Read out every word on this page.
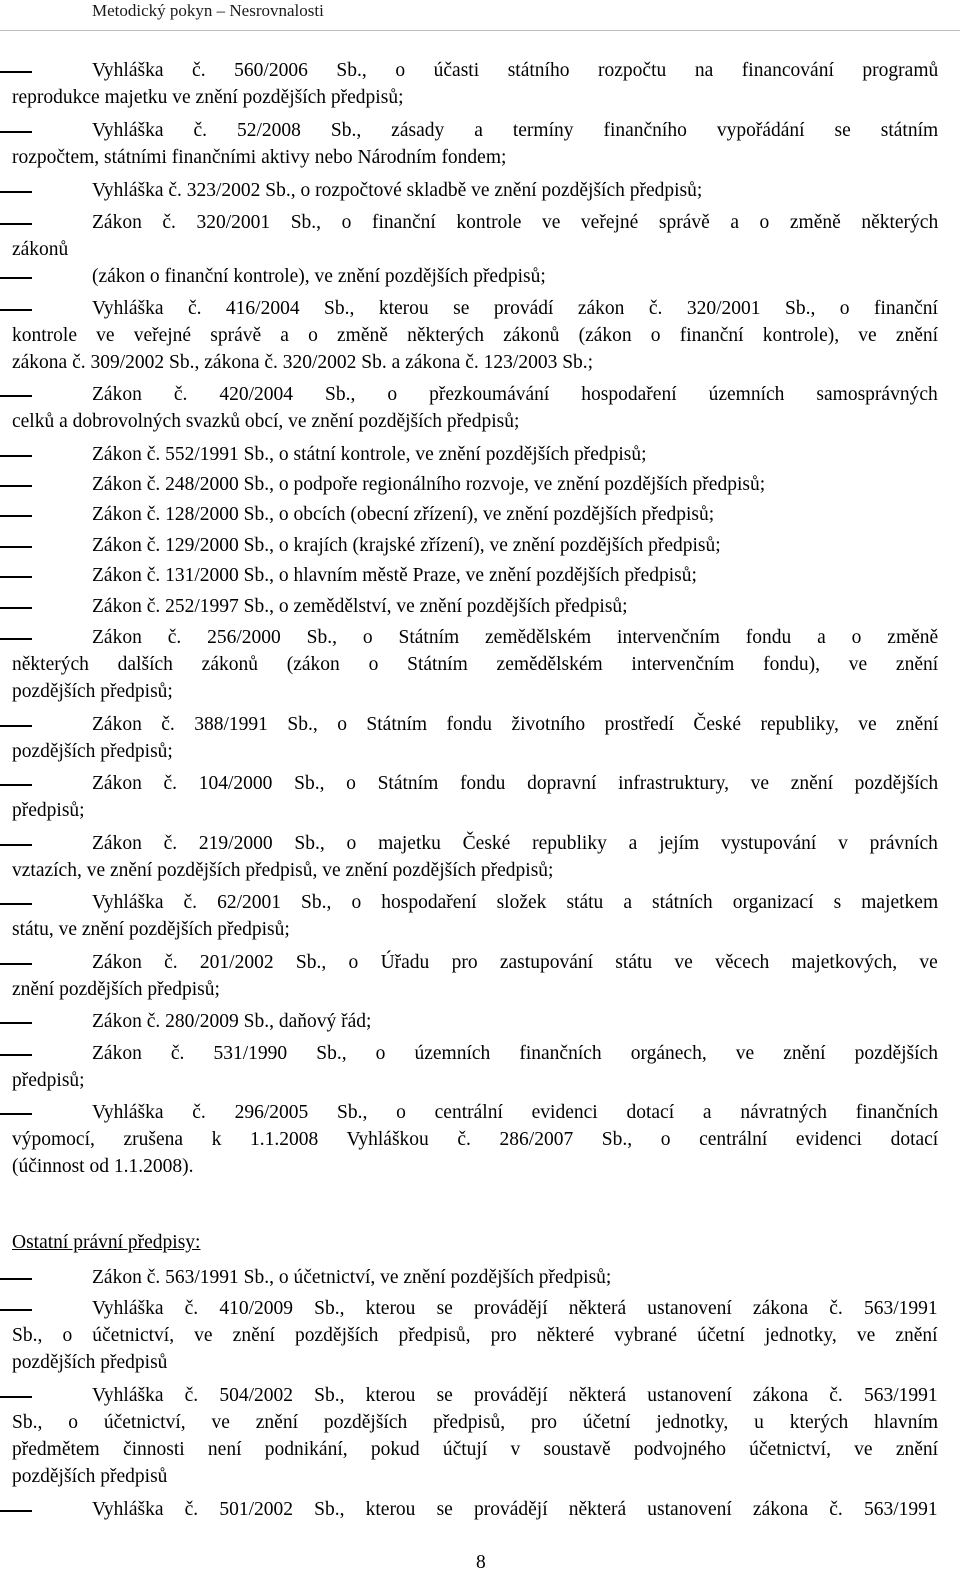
Metodický pokyn – Nesrovnalosti
Vyhláška č. 560/2006 Sb., o účasti státního rozpočtu na financování programů
reprodukce majetku ve znění pozdějších předpisů;
Vyhláška č. 52/2008 Sb., zásady a termíny finančního vypořádání se státním
rozpočtem, státními finančními aktivy nebo Národním fondem;
Vyhláška č. 323/2002 Sb., o rozpočtové skladbě ve znění pozdějších předpisů;
Zákon č. 320/2001 Sb., o finanční kontrole ve veřejné správě a o změně některých
zákonů
(zákon o finanční kontrole), ve znění pozdějších předpisů;
Vyhláška č. 416/2004 Sb., kterou se provádí zákon č. 320/2001 Sb., o finanční
kontrole ve veřejné správě a o změně některých zákonů (zákon o finanční kontrole), ve znění
zákona č. 309/2002 Sb., zákona č. 320/2002 Sb. a zákona č. 123/2003 Sb.;
Zákon č. 420/2004 Sb., o přezkoumávání hospodaření územních samosprávných
celků a dobrovolných svazků obcí, ve znění pozdějších předpisů;
Zákon č. 552/1991 Sb., o státní kontrole, ve znění pozdějších předpisů;
Zákon č. 248/2000 Sb., o podpoře regionálního rozvoje, ve znění pozdějších předpisů;
Zákon č. 128/2000 Sb., o obcích (obecní zřízení), ve znění pozdějších předpisů;
Zákon č. 129/2000 Sb., o krajích (krajské zřízení), ve znění pozdějších předpisů;
Zákon č. 131/2000 Sb., o hlavním městě Praze, ve znění pozdějších předpisů;
Zákon č. 252/1997 Sb., o zemědělství, ve znění pozdějších předpisů;
Zákon č. 256/2000 Sb., o Státním zemědělském intervenčním fondu a o změně
některých dalších zákonů (zákon o Státním zemědělském intervenčním fondu), ve znění
pozdějších předpisů;
Zákon č. 388/1991 Sb., o Státním fondu životního prostředí České republiky, ve znění
pozdějších předpisů;
Zákon č. 104/2000 Sb., o Státním fondu dopravní infrastruktury, ve znění pozdějších
předpisů;
Zákon č. 219/2000 Sb., o majetku České republiky a jejím vystupování v právních
vztazích, ve znění pozdějších předpisů, ve znění pozdějších předpisů;
Vyhláška č. 62/2001 Sb., o hospodaření složek státu a státních organizací s majetkem
státu, ve znění pozdějších předpisů;
Zákon č. 201/2002 Sb., o Úřadu pro zastupování státu ve věcech majetkových, ve
znění pozdějších předpisů;
Zákon č. 280/2009 Sb., daňový řád;
Zákon č. 531/1990 Sb., o územních finančních orgánech, ve znění pozdějších
předpisů;
Vyhláška č. 296/2005 Sb., o centrální evidenci dotací a návratných finančních
výpomocí, zrušena k 1.1.2008 Vyhláškou č. 286/2007 Sb., o centrální evidenci dotací
(účinnost od 1.1.2008).
Zákon č. 563/1991 Sb., o účetnictví, ve znění pozdějších předpisů;
Vyhláška č. 410/2009 Sb., kterou se provádějí některá ustanovení zákona č. 563/1991
Sb., o účetnictví, ve znění pozdějších předpisů, pro některé vybrané účetní jednotky, ve znění
pozdějších předpisů
Vyhláška č. 504/2002 Sb., kterou se provádějí některá ustanovení zákona č. 563/1991
Sb., o účetnictví, ve znění pozdějších předpisů, pro účetní jednotky, u kterých hlavním
předmětem činnosti není podnikání, pokud účtují v soustavě podvojného účetnictví, ve znění
pozdějších předpisů
Vyhláška č. 501/2002 Sb., kterou se provádějí některá ustanovení zákona č. 563/1991
Ostatní právní předpisy:
8
